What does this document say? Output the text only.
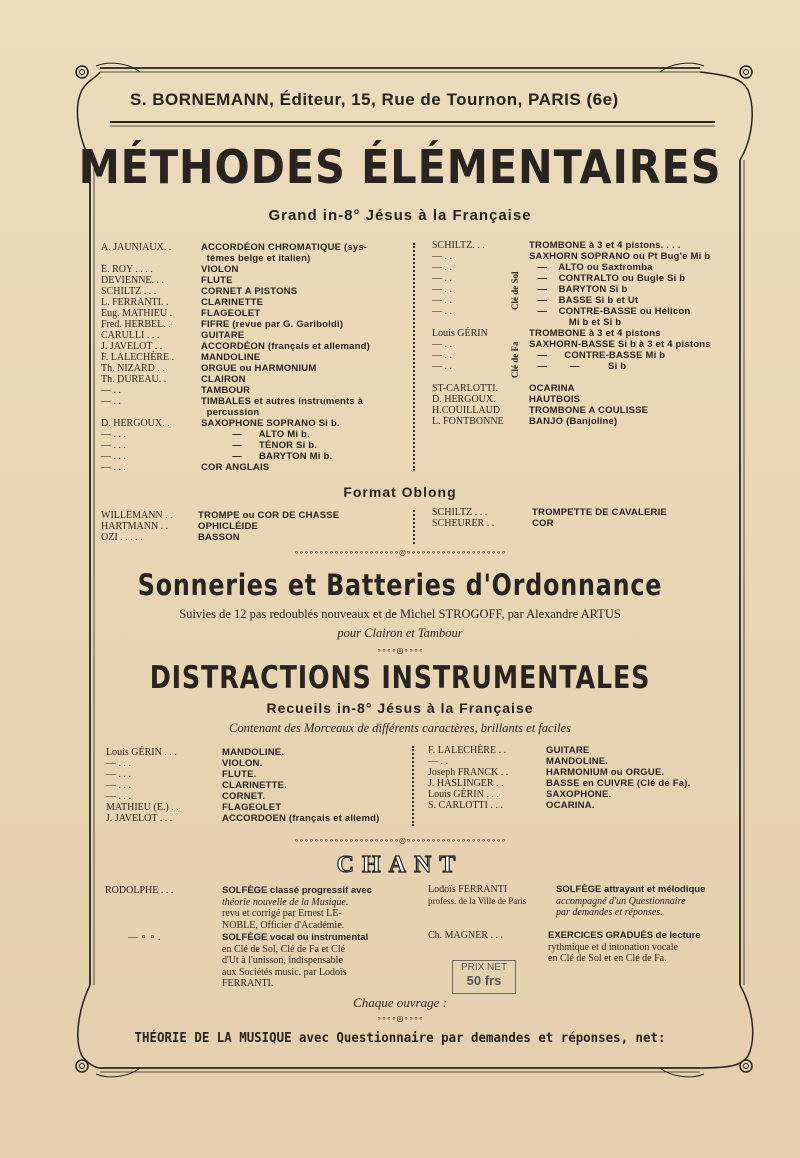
S. BORNEMANN, Éditeur, 15, Rue de Tournon, PARIS (6e)
MÉTHODES ÉLÉMENTAIRES
Grand in-8° Jésus à la Française
A. JAUNIAUX. .	ACCORDÉON CHROMATIQUE (sys-
tèmes belge et italien)
E. ROY . . . .	VIOLON
DEVIENNE. . .	FLUTE
SCHILTZ . . .	CORNET A PISTONS
L. FERRANTI. .	CLARINETTE
Eug. MATHIEU .	FLAGEOLET
Fred. HERBEL. .	FIFRE (revue par G. Gariboldi)
CARULLI . . .	GUITARE
J. JAVELOT . .	ACCORDÉON (français et allemand)
F. LALECHÈRE .	MANDOLINE
Th. NIZARD . .	ORGUE ou HARMONIUM
Th. DUREAU. .	CLAIRON
— . .	TAMBOUR
— . .	TIMBALES et autres instruments à
percussion
D. HERGOUX. .	SAXOPHONE SOPRANO Si b.
— . . .	—      ALTO Mi b.
— . . .	—      TÉNOR Si b.
— . . .	—      BARYTON Mi b.
— . . .	COR ANGLAIS
SCHILTZ. . .	TROMBONE à 3 et 4 pistons. . . .
— . .	SAXHORN SOPRANO ou Pt Bug'e Mi b
— . .	—    ALTO ou Saxtromba
— . .	—    CONTRALTO ou Bugle Si b
— . .	—    BARYTON Si b
— . .	—    BASSE Si b et Ut
— . .	—    CONTRE-BASSE ou Hélicon
Mi b et Si b
Louis GÉRIN	TROMBONE à 3 et 4 pistons
— . .	SAXHORN-BASSE Si b à 3 et 4 pistons
— . .	—      CONTRE-BASSE Mi b
— . .	—        —          Si b
ST-CARLOTTI.	OCARINA
D. HERGOUX.	HAUTBOIS
H.COUILLAUD	TROMBONE A COULISSE
L. FONTBONNE	BANJO (Banjoline)
Clé de Sol
Clé de Fa
Format Oblong
WILLEMANN . .	TROMPE ou COR DE CHASSE
HARTMANN . .	OPHICLÉIDE
OZI . . . . .	BASSON
SCHILTZ . . .	TROMPETTE DE CAVALERIE
SCHEURER . .	COR
∘∘∘∘∘∘∘∘∘∘∘∘∘∘∘∘∘∘∘∘∘◎∘∘∘∘∘∘∘∘∘∘∘∘∘∘∘∘∘∘∘∘
Sonneries et Batteries d'Ordonnance
Suivies de 12 pas redoublés nouveaux et de Michel STROGOFF, par Alexandre ARTUS
pour Clairon et Tambour
∘∘∘∘◎∘∘∘∘
DISTRACTIONS INSTRUMENTALES
Recueils in-8° Jésus à la Française
Contenant des Morceaux de différents caractères, brillants et faciles
Louis GÉRIN . . .	MANDOLINE.
— . . .	VIOLON.
— . . .	FLUTE.
— . . .	CLARINETTE.
— . . .	CORNET.
MATHIEU (E.) . .	FLAGEOLET
J. JAVELOT . . .	ACCORDOEN (français et allemd)
F. LALECHÈRE . .	GUITARE
— . .	MANDOLINE.
Joseph FRANCK . .	HARMONIUM ou ORGUE.
J. HASLINGER . .	BASSE en CUIVRE (Clé de Fa).
Louis GÉRIN . . .	SAXOPHONE.
S. CARLOTTI . . .	OCARINA.
∘∘∘∘∘∘∘∘∘∘∘∘∘∘∘∘∘∘∘∘∘◎∘∘∘∘∘∘∘∘∘∘∘∘∘∘∘∘∘∘∘∘
CHANT
RODOLPHE . . .	SOLFÈGE classé progressif avec
théorie nouvelle de la Musique.
revu et corrigé par Ernest LE-
NOBLE, Officier d'Académie.
— ∘ ∘ .	SOLFÈGE vocal ou instrumental
en Clé de Sol, Clé de Fa et Clé
d'Ut à l'unisson, indispensable
aux Sociétés music. par Lodoïs
FERRANTI.
Lodoïs FERRANTI
profess. de la Ville de Paris
SOLFÈGE attrayant et mélodique
accompagné d'un Questionnaire
par demandes et réponses.
Ch. MAGNER . . .	EXERCICES GRADUÉS de lecture
rythmique et d intonation vocale
en Clé de Sol et en Clé de Fa.
PRIX NET
50 frs
Chaque ouvrage :
∘∘∘∘◎∘∘∘∘
THÉORIE DE LA MUSIQUE avec Questionnaire par demandes et réponses, net:
